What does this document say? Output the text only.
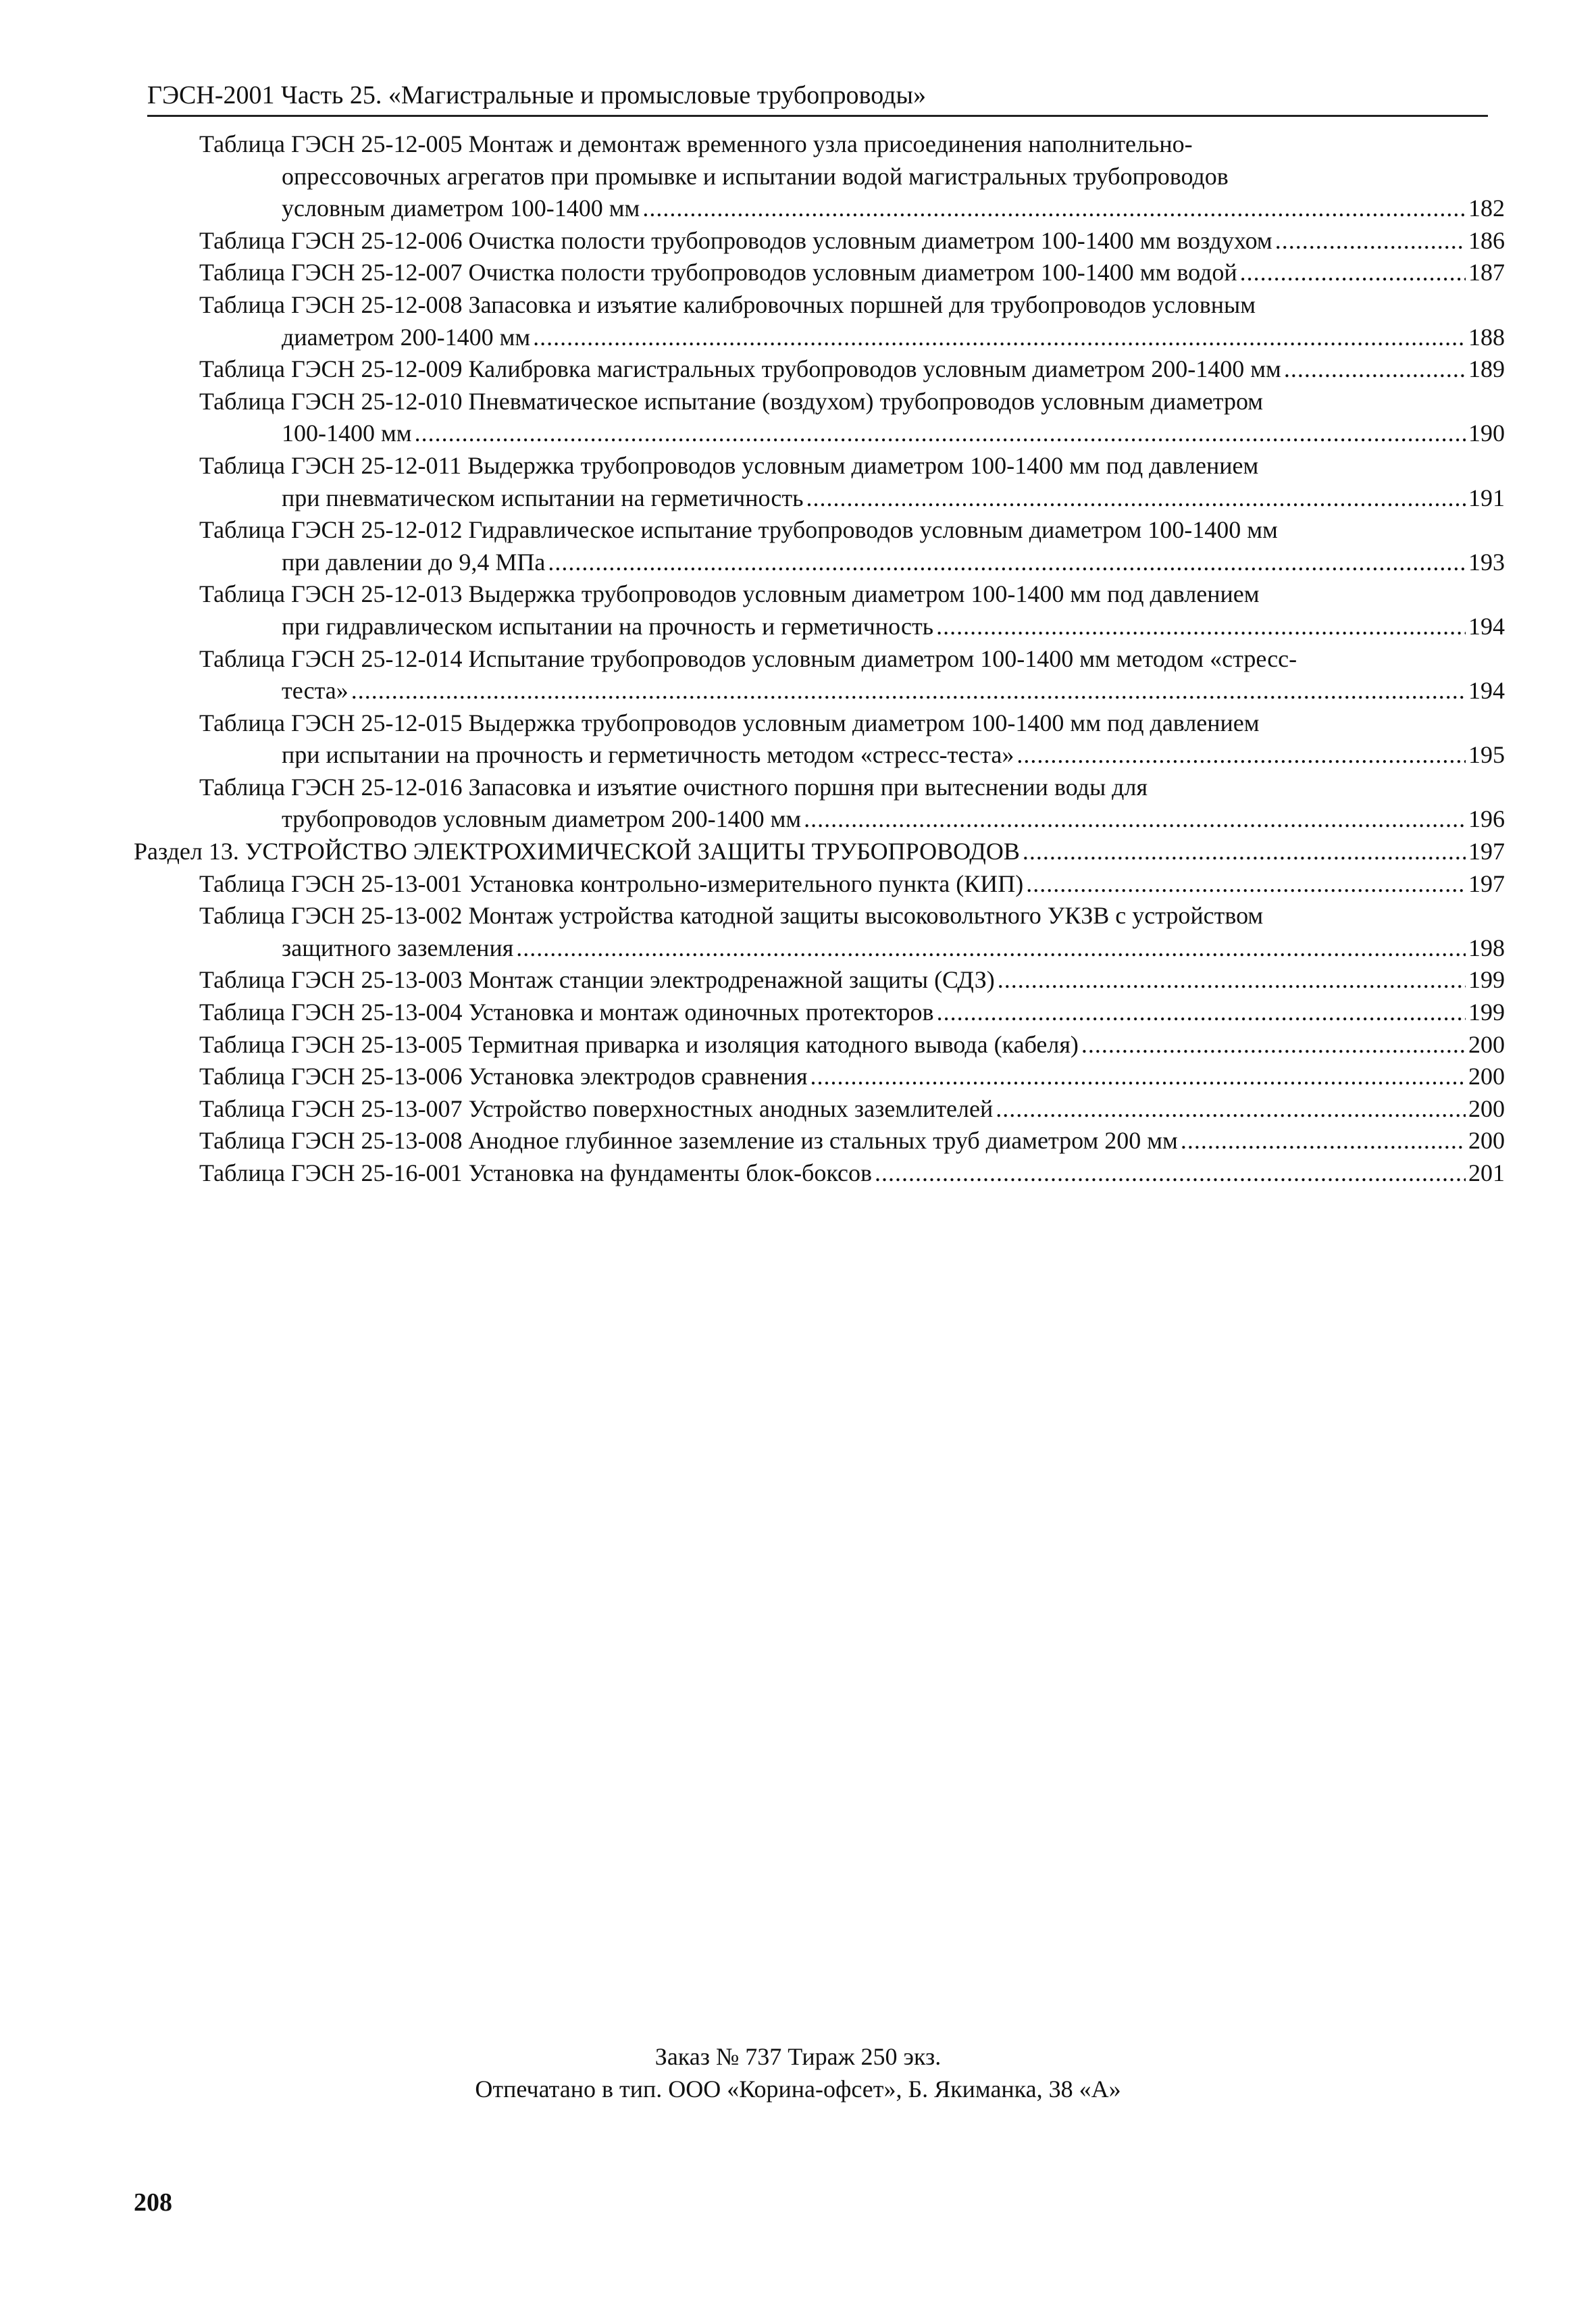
ГЭСН-2001 Часть 25. «Магистральные и промысловые трубопроводы»
Таблица ГЭСН 25-12-005 Монтаж и демонтаж временного узла присоединения наполнительно-
опрессовочных агрегатов при промывке и испытании водой магистральных трубопроводов
условным диаметром 100-1400 мм .....	182
Таблица ГЭСН 25-12-006 Очистка полости трубопроводов условным диаметром 100-1400 мм воздухом .....	186
Таблица ГЭСН 25-12-007 Очистка полости трубопроводов условным диаметром 100-1400 мм водой .....	187
Таблица ГЭСН 25-12-008 Запасовка и изъятие калибровочных поршней для трубопроводов условным
диаметром 200-1400 мм .....	188
Таблица ГЭСН 25-12-009 Калибровка магистральных трубопроводов условным диаметром 200-1400 мм .....	189
Таблица ГЭСН 25-12-010 Пневматическое испытание (воздухом) трубопроводов условным диаметром
100-1400 мм .....	190
Таблица ГЭСН 25-12-011 Выдержка трубопроводов условным диаметром 100-1400 мм под давлением
при пневматическом испытании на герметичность .....	191
Таблица ГЭСН 25-12-012 Гидравлическое испытание трубопроводов условным диаметром 100-1400 мм
при давлении до 9,4 МПа .....	193
Таблица ГЭСН 25-12-013 Выдержка трубопроводов условным диаметром 100-1400 мм под давлением
при гидравлическом испытании на прочность и герметичность .....	194
Таблица ГЭСН 25-12-014 Испытание трубопроводов условным диаметром 100-1400 мм методом «стресс-
теста» .....	194
Таблица ГЭСН 25-12-015 Выдержка трубопроводов условным диаметром 100-1400 мм под давлением
при испытании на прочность и герметичность методом «стресс-теста» .....	195
Таблица ГЭСН 25-12-016 Запасовка и изъятие очистного поршня при вытеснении воды для
трубопроводов условным диаметром 200-1400 мм .....	196
Раздел 13. УСТРОЙСТВО ЭЛЕКТРОХИМИЧЕСКОЙ ЗАЩИТЫ ТРУБОПРОВОДОВ .....	197
Таблица ГЭСН 25-13-001 Установка контрольно-измерительного пункта (КИП) .....	197
Таблица ГЭСН 25-13-002 Монтаж устройства катодной защиты высоковольтного УКЗВ с устройством
защитного заземления .....	198
Таблица ГЭСН 25-13-003 Монтаж станции электродренажной защиты (СДЗ) .....	199
Таблица ГЭСН 25-13-004 Установка и монтаж одиночных протекторов .....	199
Таблица ГЭСН 25-13-005 Термитная приварка и изоляция катодного вывода (кабеля) .....	200
Таблица ГЭСН 25-13-006 Установка электродов сравнения .....	200
Таблица ГЭСН 25-13-007 Устройство поверхностных анодных заземлителей .....	200
Таблица ГЭСН 25-13-008 Анодное глубинное заземление из стальных труб диаметром 200 мм .....	200
Таблица ГЭСН 25-16-001 Установка на фундаменты блок-боксов .....	201
Заказ № 737 Тираж 250 экз.
Отпечатано в тип. ООО «Корина-офсет», Б. Якиманка, 38 «А»
208
